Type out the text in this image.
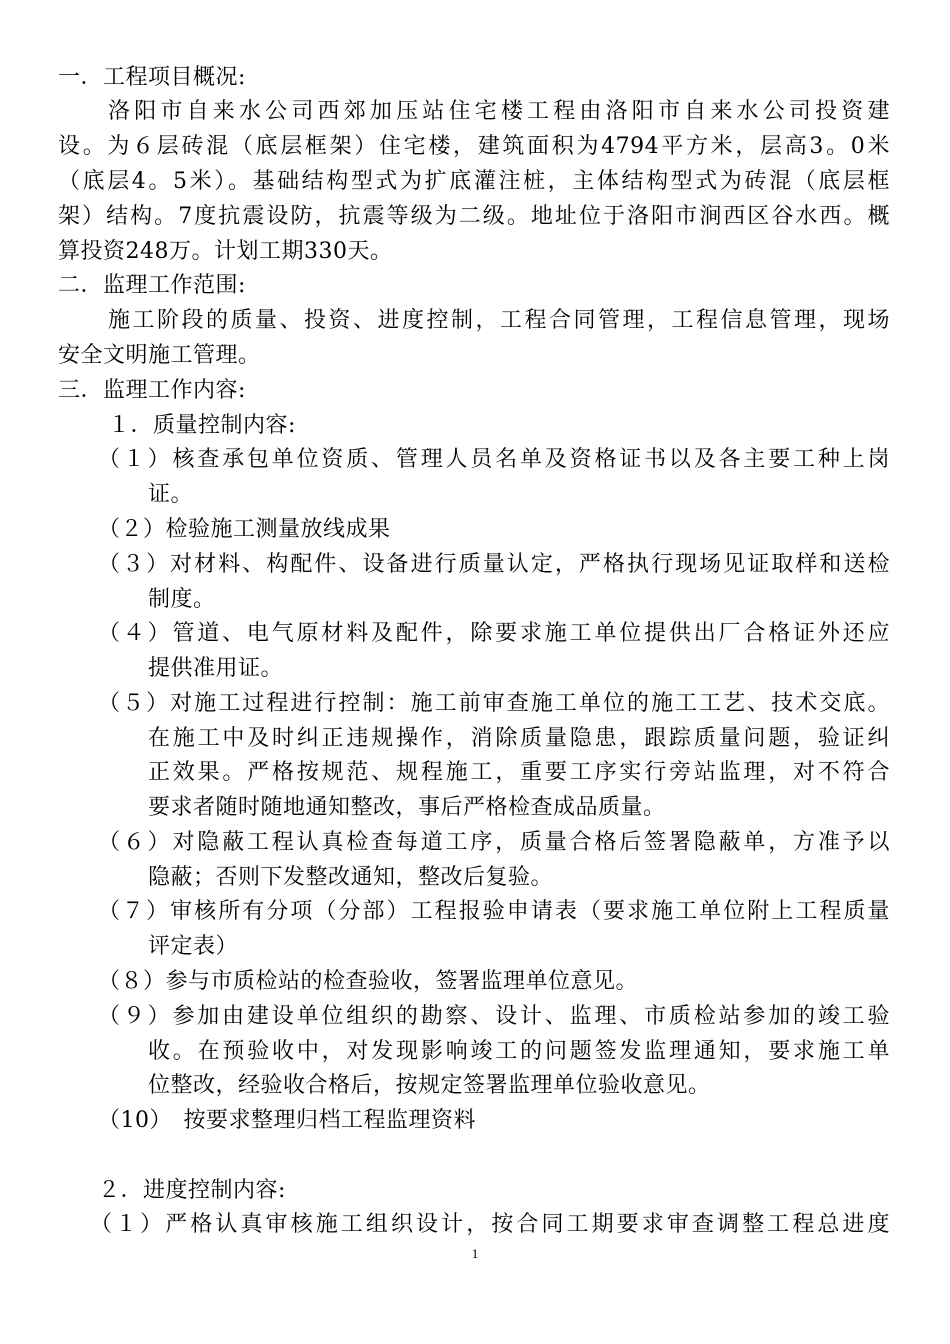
一．工程项目概况:
洛阳市自来水公司西郊加压站住宅楼工程由洛阳市自来水公司投资建
设。为６层砖混（底层框架）住宅楼，建筑面积为4794平方米，层高3。0米
（底层4。5米）。基础结构型式为扩底灌注桩，主体结构型式为砖混（底层框
架）结构。7度抗震设防，抗震等级为二级。地址位于洛阳市涧西区谷水西。概
算投资248万。计划工期330天。
二．监理工作范围:
施工阶段的质量、投资、进度控制，工程合同管理，工程信息管理，现场
安全文明施工管理。
三．监理工作内容:
１．质量控制内容:
（１）核查承包单位资质、管理人员名单及资格证书以及各主要工种上岗
证。
（２）检验施工测量放线成果
（３）对材料、构配件、设备进行质量认定，严格执行现场见证取样和送检
制度。
（４）管道、电气原材料及配件，除要求施工单位提供出厂合格证外还应
提供准用证。
（５）对施工过程进行控制：施工前审查施工单位的施工工艺、技术交底。
在施工中及时纠正违规操作，消除质量隐患，跟踪质量问题，验证纠
正效果。严格按规范、规程施工，重要工序实行旁站监理，对不符合
要求者随时随地通知整改，事后严格检查成品质量。
（６）对隐蔽工程认真检查每道工序，质量合格后签署隐蔽单，方准予以
隐蔽；否则下发整改通知，整改后复验。
（７）审核所有分项（分部）工程报验申请表（要求施工单位附上工程质量
评定表）
（８）参与市质检站的检查验收，签署监理单位意见。
（９）参加由建设单位组织的勘察、设计、监理、市质检站参加的竣工验
收。在预验收中，对发现影响竣工的问题签发监理通知，要求施工单
位整改，经验收合格后，按规定签署监理单位验收意见。
（10）　按要求整理归档工程监理资料
２．进度控制内容:
（１）严格认真审核施工组织设计，按合同工期要求审查调整工程总进度
1
